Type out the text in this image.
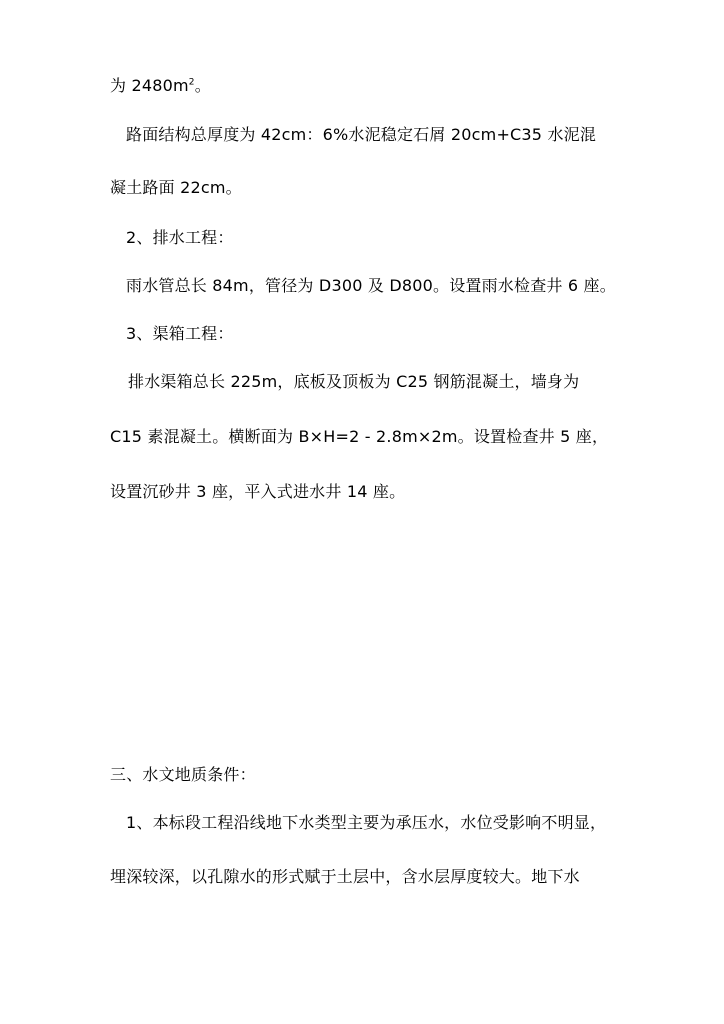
为 $2480m^2$。
路面结构总厚度为 42cm：6%水泥稳定石屑 20cm+C35 水泥混
凝土路面 22cm。
2、排水工程：
雨水管总长 84m，管径为 D300 及 D800。设置雨水检查井 6 座。
3、渠箱工程：
排水渠箱总长 225m，底板及顶板为 C25 钢筋混凝土，墙身为
C15 素混凝土。横断面为 B×H=2 - 2.8m×2m。设置检查井 5 座，
设置沉砂井 3 座，平入式进水井 14 座。
三、水文地质条件：
1、本标段工程沿线地下水类型主要为承压水，水位受影响不明显，
埋深较深，以孔隙水的形式赋于土层中，含水层厚度较大。地下水
